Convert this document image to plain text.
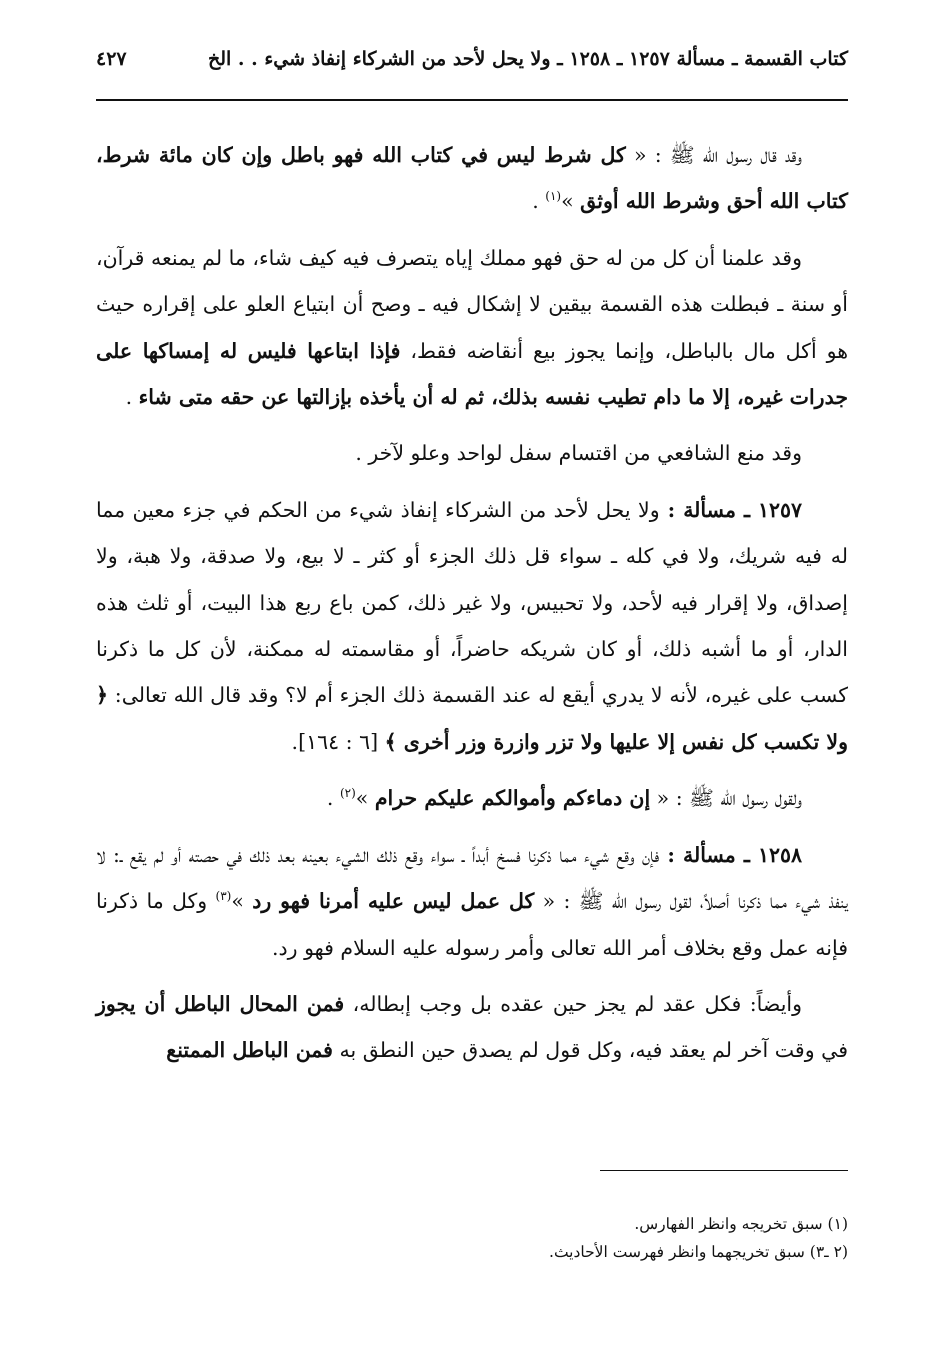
كتاب القسمة ـ مسألة ١٢٥٧ ـ ١٢٥٨ ـ ولا يحل لأحد من الشركاء إنفاذ شيء . . الخ
٤٢٧

وقد قال رسول الله ﷺ : « كل شرط ليس في كتاب الله فهو باطل وإن كان مائة شرط، كتاب الله أحق وشرط الله أوثق »$^{(١)}$ .

وقد علمنا أن كل من له حق فهو مملك إياه يتصرف فيه كيف شاء، ما لم يمنعه قرآن، أو سنة ـ فبطلت هذه القسمة بيقين لا إشكال فيه ـ وصح أن ابتياع العلو على إقراره حيث هو أكل مال بالباطل، وإنما يجوز بيع أنقاضه فقط، فإذا ابتاعها فليس له إمساكها على جدرات غيره، إلا ما دام تطيب نفسه بذلك، ثم له أن يأخذه بإزالتها عن حقه متى شاء .

وقد منع الشافعي من اقتسام سفل لواحد وعلو لآخر .

١٢٥٧ ـ مسألة : ولا يحل لأحد من الشركاء إنفاذ شيء من الحكم في جزء معين مما له فيه شريك، ولا في كله ـ سواء قل ذلك الجزء أو كثر ـ لا بيع، ولا صدقة، ولا هبة، ولا إصداق، ولا إقرار فيه لأحد، ولا تحبيس، ولا غير ذلك، كمن باع ربع هذا البيت، أو ثلث هذه الدار، أو ما أشبه ذلك، أو كان شريكه حاضراً، أو مقاسمته له ممكنة، لأن كل ما ذكرنا كسب على غيره، لأنه لا يدري أيقع له عند القسمة ذلك الجزء أم لا؟ وقد قال الله تعالى: ﴿ ولا تكسب كل نفس إلا عليها ولا تزر وازرة وزر أخرى ﴾ [٦ : ١٦٤].

ولقول رسول الله ﷺ : « إن دماءكم وأموالكم عليكم حرام »$^{(٢)}$ .

١٢٥٨ ـ مسألة : فإن وقع شيء مما ذكرنا فسخ أبداً ـ سواء وقع ذلك الشيء بعينه بعد ذلك في حصته أو لم يقع ـ: لا ينفذ شيء مما ذكرنا أصلاً، لقول رسول الله ﷺ : « كل عمل ليس عليه أمرنا فهو رد »$^{(٣)}$ وكل ما ذكرنا فإنه عمل وقع بخلاف أمر الله تعالى وأمر رسوله عليه السلام فهو رد.

وأيضاً: فكل عقد لم يجز حين عقده بل وجب إبطاله، فمن المحال الباطل أن يجوز في وقت آخر لم يعقد فيه، وكل قول لم يصدق حين النطق به فمن الباطل الممتنع

(١) سبق تخريجه وانظر الفهارس.
(٢ ـ٣) سبق تخريجهما وانظر فهرست الأحاديث.
